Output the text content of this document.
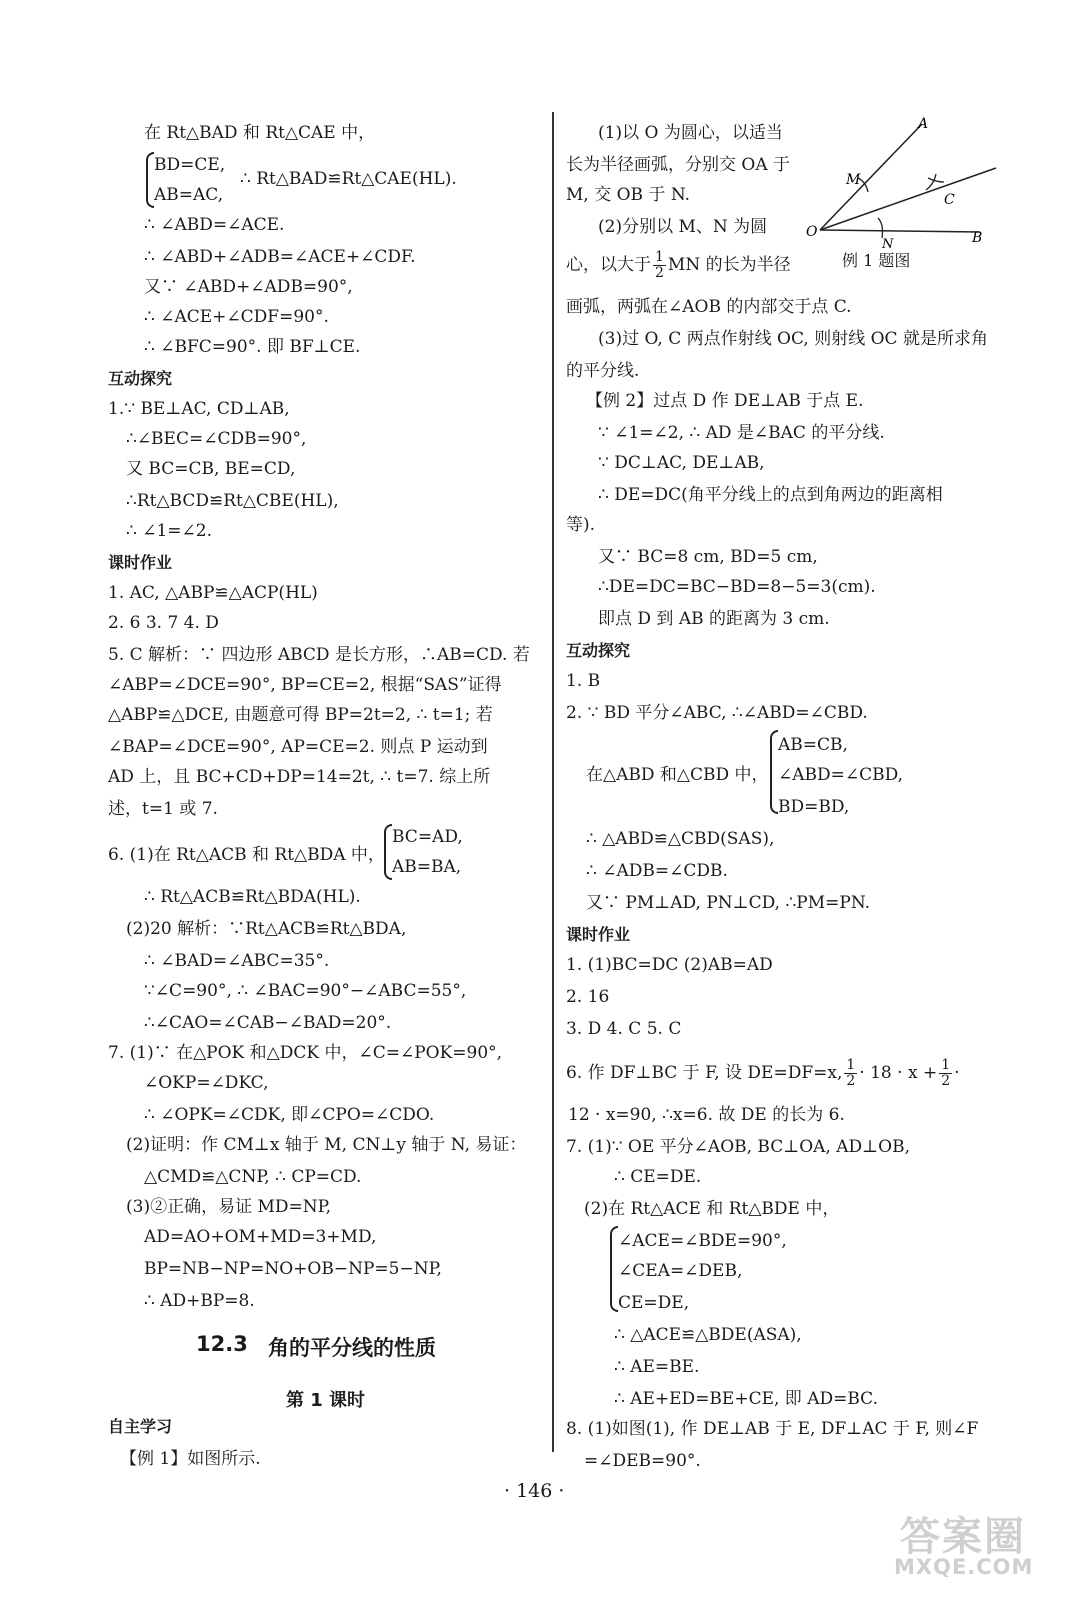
在 Rt△BAD 和 Rt△CAE 中，
BD=CE,
∴ Rt△BAD≌Rt△CAE(HL).
AB=AC,
∴ ∠ABD=∠ACE.
∴ ∠ABD+∠ADB=∠ACE+∠CDF.
又∵ ∠ABD+∠ADB=90°,
∴ ∠ACE+∠CDF=90°.
∴ ∠BFC=90°. 即 BF⊥CE.
互动探究
1.∵ BE⊥AC, CD⊥AB,
∴∠BEC=∠CDB=90°,
又 BC=CB, BE=CD,
∴Rt△BCD≌Rt△CBE(HL),
∴ ∠1=∠2.
课时作业
1. AC, △ABP≌△ACP(HL)
2. 6 3. 7 4. D
5. C 解析：∵ 四边形 ABCD 是长方形，∴AB=CD. 若
∠ABP=∠DCE=90°, BP=CE=2, 根据“SAS”证得
△ABP≌△DCE, 由题意可得 BP=2t=2, ∴ t=1; 若
∠BAP=∠DCE=90°, AP=CE=2. 则点 P 运动到
AD 上，且 BC+CD+DP=14=2t, ∴ t=7. 综上所
述，t=1 或 7.
6. (1)在 Rt△ACB 和 Rt△BDA 中，
BC=AD,
AB=BA,
∴ Rt△ACB≌Rt△BDA(HL).
(2)20 解析：∵Rt△ACB≌Rt△BDA,
∴ ∠BAD=∠ABC=35°.
∵∠C=90°, ∴ ∠BAC=90°−∠ABC=55°,
∴∠CAO=∠CAB−∠BAD=20°.
7. (1)∵ 在△POK 和△DCK 中，∠C=∠POK=90°,
∠OKP=∠DKC,
∴ ∠OPK=∠CDK, 即∠CPO=∠CDO.
(2)证明：作 CM⊥x 轴于 M, CN⊥y 轴于 N, 易证：
△CMD≌△CNP, ∴ CP=CD.
(3)②正确，易证 MD=NP,
AD=AO+OM+MD=3+MD,
BP=NB−NP=NO+OB−NP=5−NP,
∴ AD+BP=8.
12.3 角的平分线的性质
第 1 课时
自主学习
【例 1】如图所示.
(1)以 O 为圆心，以适当
长为半径画弧，分别交 OA 于
M, 交 OB 于 N.
(2)分别以 M、N 为圆
心，以大于 $\frac{1}{2}$ MN 的长为半径
画弧，两弧在∠AOB 的内部交于点 C.
(3)过 O, C 两点作射线 OC, 则射线 OC 就是所求角
的平分线.
【例 2】过点 D 作 DE⊥AB 于点 E.
∵ ∠1=∠2, ∴ AD 是∠BAC 的平分线.
∵ DC⊥AC, DE⊥AB,
∴ DE=DC(角平分线上的点到角两边的距离相
等).
又∵ BC=8 cm, BD=5 cm,
∴DE=DC=BC−BD=8−5=3(cm).
即点 D 到 AB 的距离为 3 cm.
互动探究
1. B
2. ∵ BD 平分∠ABC, ∴∠ABD=∠CBD.
AB=CB,
在△ABD 和△CBD 中， ∠ABD=∠CBD,
BD=BD,
∴ △ABD≌△CBD(SAS),
∴ ∠ADB=∠CDB.
又∵ PM⊥AD, PN⊥CD, ∴PM=PN.
课时作业
1. (1)BC=DC (2)AB=AD
2. 16
3. D 4. C 5. C
6. 作 DF⊥BC 于 F, 设 DE=DF=x, $\frac{1}{2} \cdot 18 \cdot x + \frac{1}{2}$ ·
12 · x=90, ∴x=6. 故 DE 的长为 6.
7. (1)∵ OE 平分∠AOB, BC⊥OA, AD⊥OB,
∴ CE=DE.
(2)在 Rt△ACE 和 Rt△BDE 中，
∠ACE=∠BDE=90°,
∠CEA=∠DEB,
CE=DE,
∴ △ACE≌△BDE(ASA),
∴ AE=BE.
∴ AE+ED=BE+CE, 即 AD=BC.
8. (1)如图(1), 作 DE⊥AB 于 E, DF⊥AC 于 F, 则∠F
=∠DEB=90°.
A
M
C
O
N	B
例 1 题图
· 146 ·
答案圈
MXQE.COM
